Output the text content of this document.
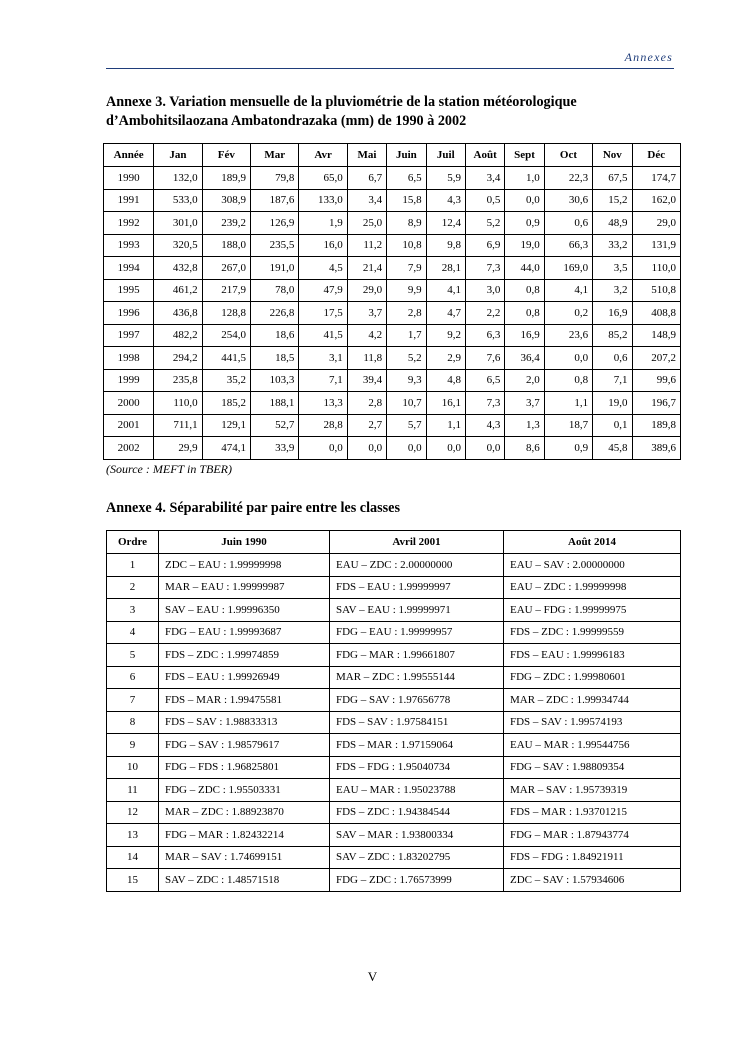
Annexes
Annexe 3. Variation mensuelle de la pluviométrie de la station météorologique d’Ambohitsilaozana Ambatondrazaka (mm) de 1990 à 2002
Année	Jan	Fév	Mar	Avr	Mai	Juin	Juil	Août	Sept	Oct	Nov	Déc
1990	132,0	189,9	79,8	65,0	6,7	6,5	5,9	3,4	1,0	22,3	67,5	174,7
1991	533,0	308,9	187,6	133,0	3,4	15,8	4,3	0,5	0,0	30,6	15,2	162,0
1992	301,0	239,2	126,9	1,9	25,0	8,9	12,4	5,2	0,9	0,6	48,9	29,0
1993	320,5	188,0	235,5	16,0	11,2	10,8	9,8	6,9	19,0	66,3	33,2	131,9
1994	432,8	267,0	191,0	4,5	21,4	7,9	28,1	7,3	44,0	169,0	3,5	110,0
1995	461,2	217,9	78,0	47,9	29,0	9,9	4,1	3,0	0,8	4,1	3,2	510,8
1996	436,8	128,8	226,8	17,5	3,7	2,8	4,7	2,2	0,8	0,2	16,9	408,8
1997	482,2	254,0	18,6	41,5	4,2	1,7	9,2	6,3	16,9	23,6	85,2	148,9
1998	294,2	441,5	18,5	3,1	11,8	5,2	2,9	7,6	36,4	0,0	0,6	207,2
1999	235,8	35,2	103,3	7,1	39,4	9,3	4,8	6,5	2,0	0,8	7,1	99,6
2000	110,0	185,2	188,1	13,3	2,8	10,7	16,1	7,3	3,7	1,1	19,0	196,7
2001	711,1	129,1	52,7	28,8	2,7	5,7	1,1	4,3	1,3	18,7	0,1	189,8
2002	29,9	474,1	33,9	0,0	0,0	0,0	0,0	0,0	8,6	0,9	45,8	389,6
(Source : MEFT in TBER)
Annexe 4. Séparabilité par paire entre les classes
Ordre	Juin 1990	Avril 2001	Août 2014
1	ZDC – EAU : 1.99999998	EAU – ZDC : 2.00000000	EAU – SAV : 2.00000000
2	MAR – EAU : 1.99999987	FDS – EAU : 1.99999997	EAU – ZDC : 1.99999998
3	SAV – EAU : 1.99996350	SAV – EAU : 1.99999971	EAU – FDG : 1.99999975
4	FDG – EAU : 1.99993687	FDG – EAU : 1.99999957	FDS – ZDC : 1.99999559
5	FDS – ZDC : 1.99974859	FDG – MAR : 1.99661807	FDS – EAU : 1.99996183
6	FDS – EAU : 1.99926949	MAR – ZDC : 1.99555144	FDG – ZDC : 1.99980601
7	FDS – MAR : 1.99475581	FDG – SAV : 1.97656778	MAR – ZDC : 1.99934744
8	FDS – SAV : 1.98833313	FDS – SAV : 1.97584151	FDS – SAV : 1.99574193
9	FDG – SAV : 1.98579617	FDS – MAR : 1.97159064	EAU – MAR : 1.99544756
10	FDG – FDS : 1.96825801	FDS – FDG : 1.95040734	FDG – SAV : 1.98809354
11	FDG – ZDC : 1.95503331	EAU – MAR : 1.95023788	MAR – SAV : 1.95739319
12	MAR – ZDC : 1.88923870	FDS – ZDC : 1.94384544	FDS – MAR : 1.93701215
13	FDG – MAR : 1.82432214	SAV – MAR : 1.93800334	FDG – MAR : 1.87943774
14	MAR – SAV : 1.74699151	SAV – ZDC : 1.83202795	FDS – FDG : 1.84921911
15	SAV – ZDC : 1.48571518	FDG – ZDC : 1.76573999	ZDC – SAV : 1.57934606
V
